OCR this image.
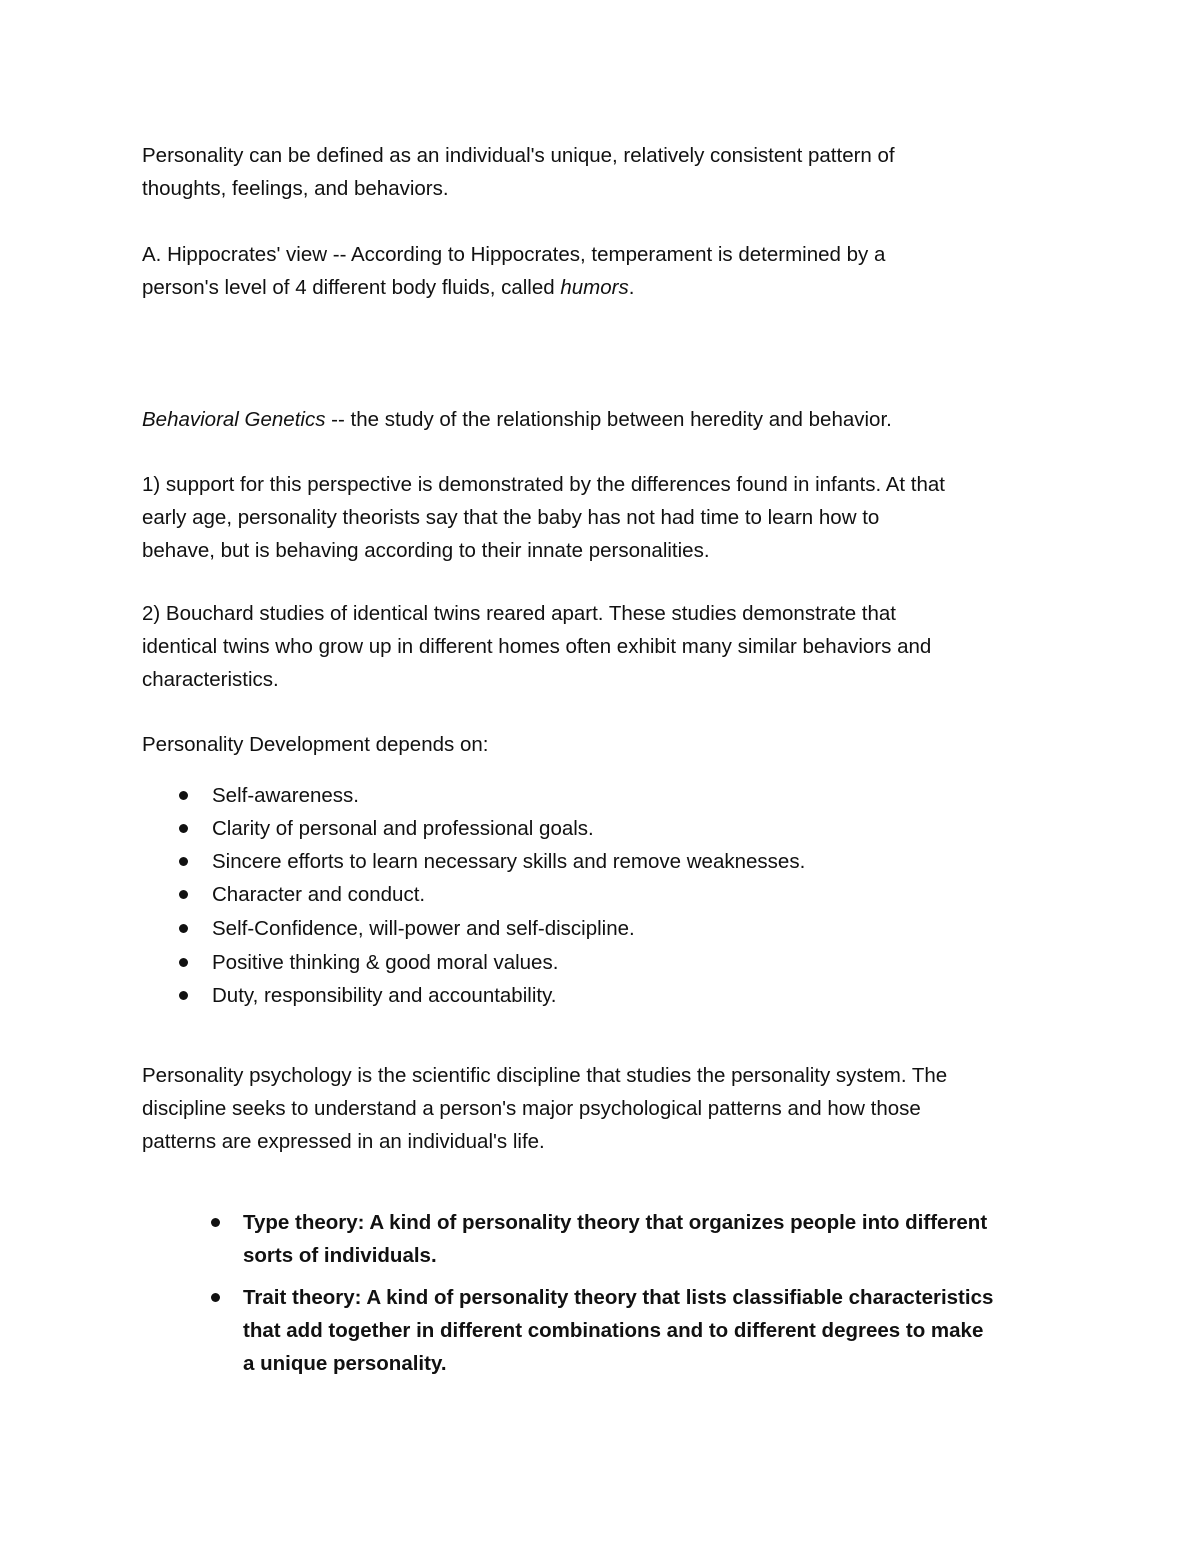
Personality can be defined as an individual's unique, relatively consistent pattern of
thoughts, feelings, and behaviors.
A. Hippocrates' view -- According to Hippocrates, temperament is determined by a
person's level of 4 different body fluids, called humors.
Behavioral Genetics -- the study of the relationship between heredity and behavior.
1) support for this perspective is demonstrated by the differences found in infants. At that
early age, personality theorists say that the baby has not had time to learn how to
behave, but is behaving according to their innate personalities.
2) Bouchard studies of identical twins reared apart. These studies demonstrate that
identical twins who grow up in different homes often exhibit many similar behaviors and
characteristics.
Personality Development depends on:
Self-awareness.
Clarity of personal and professional goals.
Sincere efforts to learn necessary skills and remove weaknesses.
Character and conduct.
Self-Confidence, will-power and self-discipline.
Positive thinking & good moral values.
Duty, responsibility and accountability.
Personality psychology is the scientific discipline that studies the personality system. The
discipline seeks to understand a person's major psychological patterns and how those
patterns are expressed in an individual's life.
Type theory: A kind of personality theory that organizes people into different
sorts of individuals.
Trait theory: A kind of personality theory that lists classifiable characteristics
that add together in different combinations and to different degrees to make
a unique personality.
